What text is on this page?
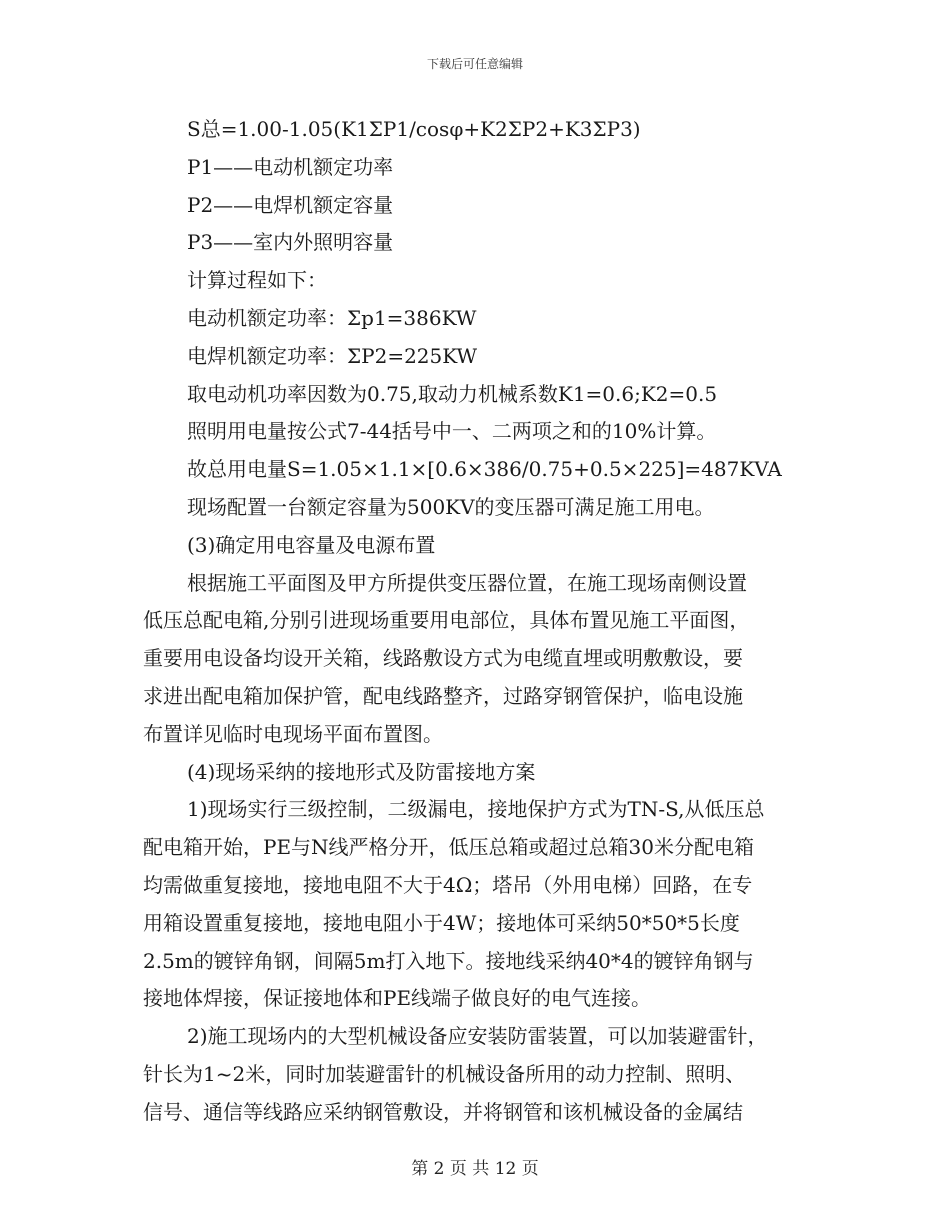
下载后可任意编辑
S总=1.00-1.05(K1ΣP1/cosφ+K2ΣP2+K3ΣP3)
P1——电动机额定功率
P2——电焊机额定容量
P3——室内外照明容量
计算过程如下：
电动机额定功率：Σp1=386KW
电焊机额定功率：ΣP2=225KW
取电动机功率因数为0.75,取动力机械系数K1=0.6;K2=0.5
照明用电量按公式7-44括号中一、二两项之和的10%计算。
故总用电量S=1.05×1.1×[0.6×386/0.75+0.5×225]=487KVA
现场配置一台额定容量为500KV的变压器可满足施工用电。
(3)确定用电容量及电源布置
根据施工平面图及甲方所提供变压器位置，在施工现场南侧设置
低压总配电箱,分别引进现场重要用电部位，具体布置见施工平面图，
重要用电设备均设开关箱，线路敷设方式为电缆直埋或明敷敷设，要
求进出配电箱加保护管，配电线路整齐，过路穿钢管保护，临电设施
布置详见临时电现场平面布置图。
(4)现场采纳的接地形式及防雷接地方案
1)现场实行三级控制，二级漏电，接地保护方式为TN-S,从低压总
配电箱开始，PE与N线严格分开，低压总箱或超过总箱30米分配电箱
均需做重复接地，接地电阻不大于4Ω；塔吊（外用电梯）回路，在专
用箱设置重复接地，接地电阻小于4W；接地体可采纳50*50*5长度
2.5m的镀锌角钢，间隔5m打入地下。接地线采纳40*4的镀锌角钢与
接地体焊接，保证接地体和PE线端子做良好的电气连接。
2)施工现场内的大型机械设备应安装防雷装置，可以加装避雷针，
针长为1~2米，同时加装避雷针的机械设备所用的动力控制、照明、
信号、通信等线路应采纳钢管敷设，并将钢管和该机械设备的金属结
第 2 页 共 12 页
